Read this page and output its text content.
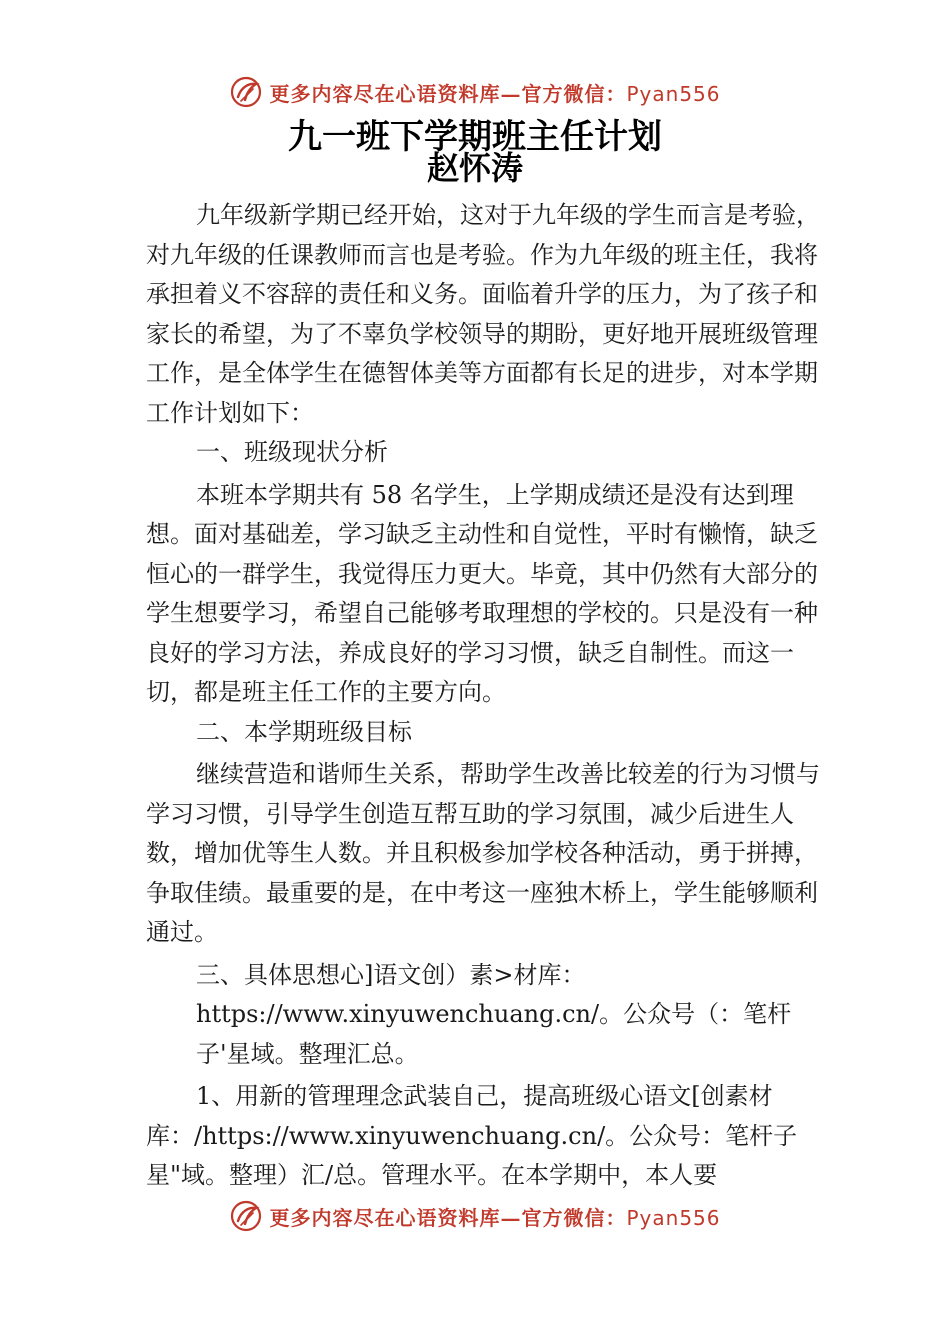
更多内容尽在心语资料库—官方微信：Pyan556
九一班下学期班主任计划
赵怀涛

九年级新学期已经开始，这对于九年级的学生而言是考验，对九年级的任课教师而言也是考验。作为九年级的班主任，我将承担着义不容辞的责任和义务。面临着升学的压力，为了孩子和家长的希望，为了不辜负学校领导的期盼，更好地开展班级管理工作，是全体学生在德智体美等方面都有长足的进步，对本学期工作计划如下：

一、班级现状分析

本班本学期共有 58 名学生，上学期成绩还是没有达到理想。面对基础差，学习缺乏主动性和自觉性，平时有懒惰，缺乏恒心的一群学生，我觉得压力更大。毕竟，其中仍然有大部分的学生想要学习，希望自己能够考取理想的学校的。只是没有一种良好的学习方法，养成良好的学习习惯，缺乏自制性。而这一切，都是班主任工作的主要方向。

二、本学期班级目标

继续营造和谐师生关系，帮助学生改善比较差的行为习惯与学习习惯，引导学生创造互帮互助的学习氛围，减少后进生人数，增加优等生人数。并且积极参加学校各种活动，勇于拼搏，争取佳绩。最重要的是，在中考这一座独木桥上，学生能够顺利通过。

三、具体思想心]语文创）素>材库：https://www.xinyuwenchuang.cn/。公众号（：笔杆子'星域。整理汇总。

1、用新的管理理念武装自己，提高班级心语文[创素材库：/https://www.xinyuwenchuang.cn/。公众号：笔杆子星"域。整理）汇/总。管理水平。在本学期中，本人要

更多内容尽在心语资料库—官方微信：Pyan556
